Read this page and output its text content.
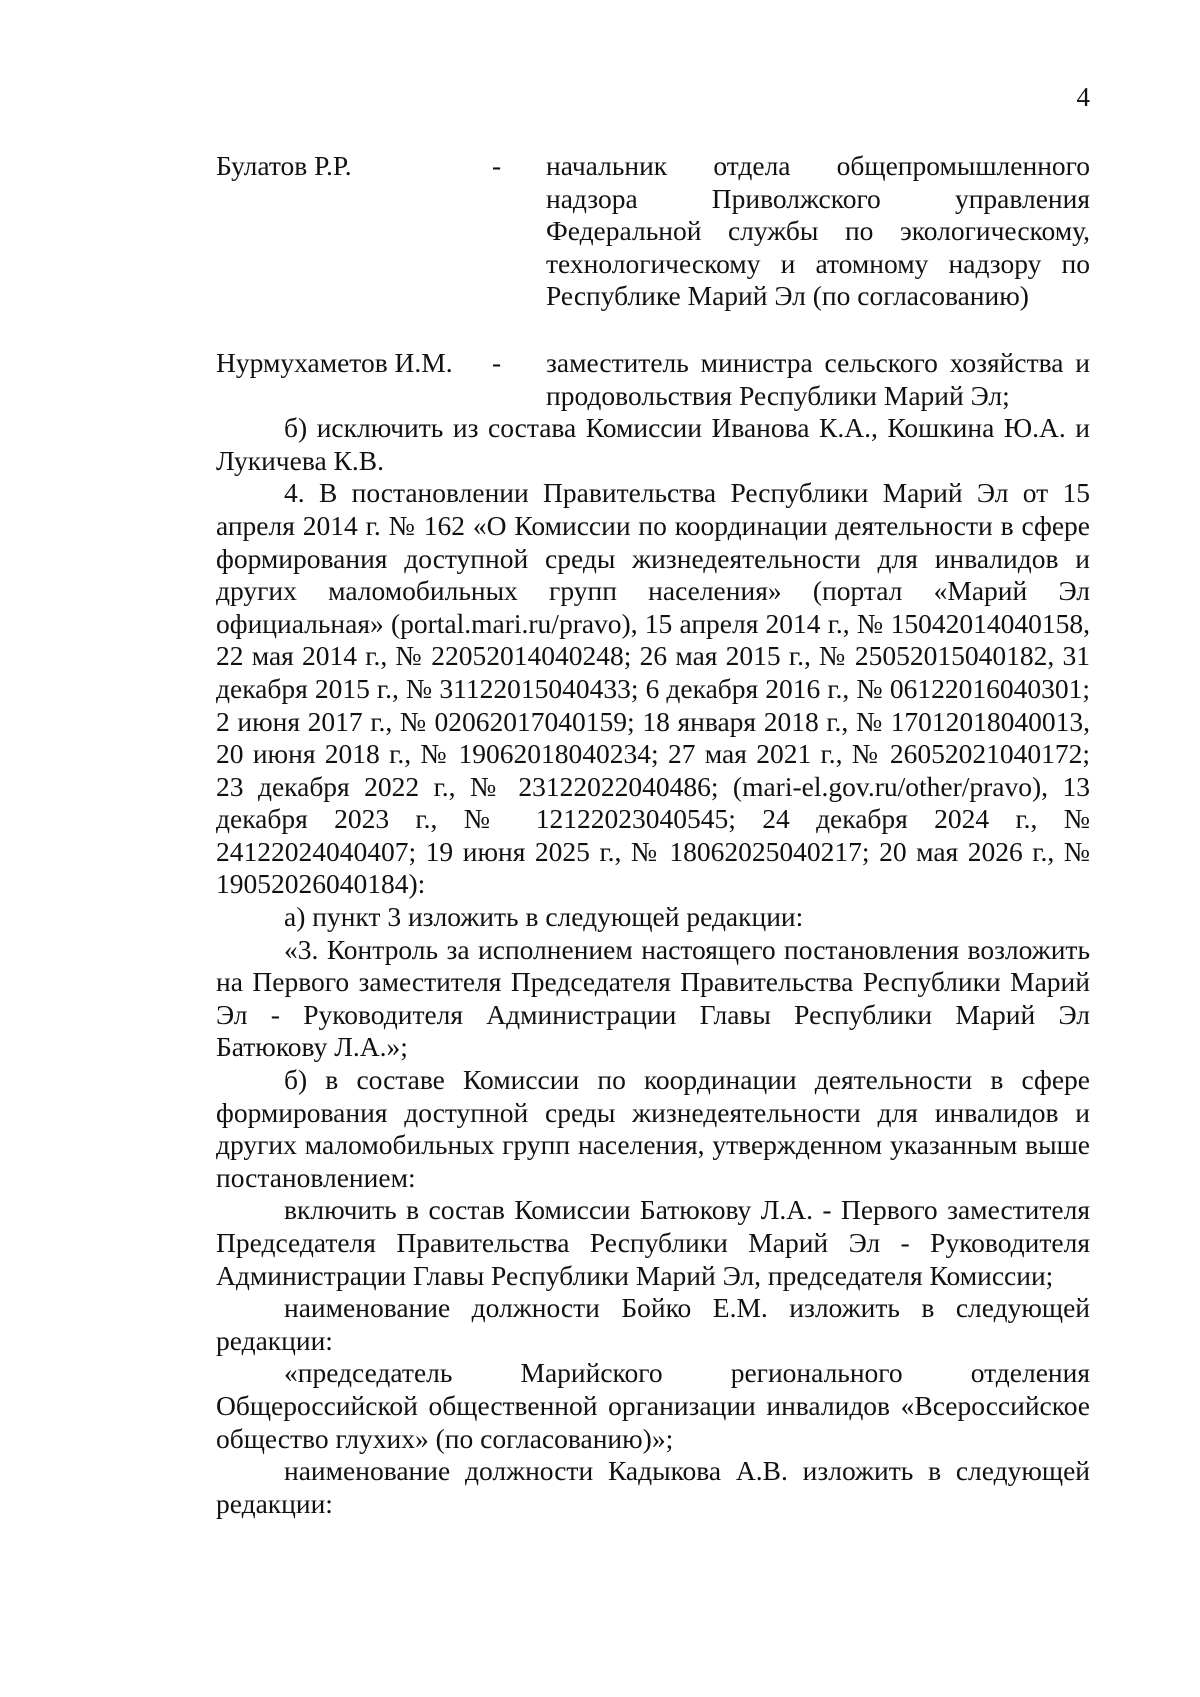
4
Булатов Р.Р.	-	начальник отдела общепромышленного надзора Приволжского управления Федеральной службы по экологическому, технологическому и атомному надзору по Республике Марий Эл (по согласованию)
Нурмухаметов И.М.	-	заместитель министра сельского хозяйства и продовольствия Республики Марий Эл;

б) исключить из состава Комиссии Иванова К.А., Кошкина Ю.А. и Лукичева К.В.

4. В постановлении Правительства Республики Марий Эл от 15 апреля 2014 г. № 162 «О Комиссии по координации деятельности в сфере формирования доступной среды жизнедеятельности для инвалидов и других маломобильных групп населения» (портал «Марий Эл официальная» (portal.mari.ru/pravo), 15 апреля 2014 г., № 15042014040158, 22 мая 2014 г., № 22052014040248; 26 мая 2015 г., № 25052015040182, 31 декабря 2015 г., № 31122015040433; 6 декабря 2016 г., № 06122016040301; 2 июня 2017 г., № 02062017040159; 18 января 2018 г., № 17012018040013, 20 июня 2018 г., № 19062018040234; 27 мая 2021 г., № 26052021040172; 23 декабря 2022 г., № 23122022040486; (mari-el.gov.ru/other/pravo), 13 декабря 2023 г., № 12122023040545; 24 декабря 2024 г., № 24122024040407; 19 июня 2025 г., № 18062025040217; 20 мая 2026 г., № 19052026040184):

а) пункт 3 изложить в следующей редакции:

«3. Контроль за исполнением настоящего постановления возложить на Первого заместителя Председателя Правительства Республики Марий Эл - Руководителя Администрации Главы Республики Марий Эл Батюкову Л.А.»;

б) в составе Комиссии по координации деятельности в сфере формирования доступной среды жизнедеятельности для инвалидов и других маломобильных групп населения, утвержденном указанным выше постановлением:

включить в состав Комиссии Батюкову Л.А. - Первого заместителя Председателя Правительства Республики Марий Эл - Руководителя Администрации Главы Республики Марий Эл, председателя Комиссии;

наименование должности Бойко Е.М. изложить в следующей редакции:

«председатель Марийского регионального отделения Общероссийской общественной организации инвалидов «Всероссийское общество глухих» (по согласованию)»;

наименование должности Кадыкова А.В. изложить в следующей редакции:
